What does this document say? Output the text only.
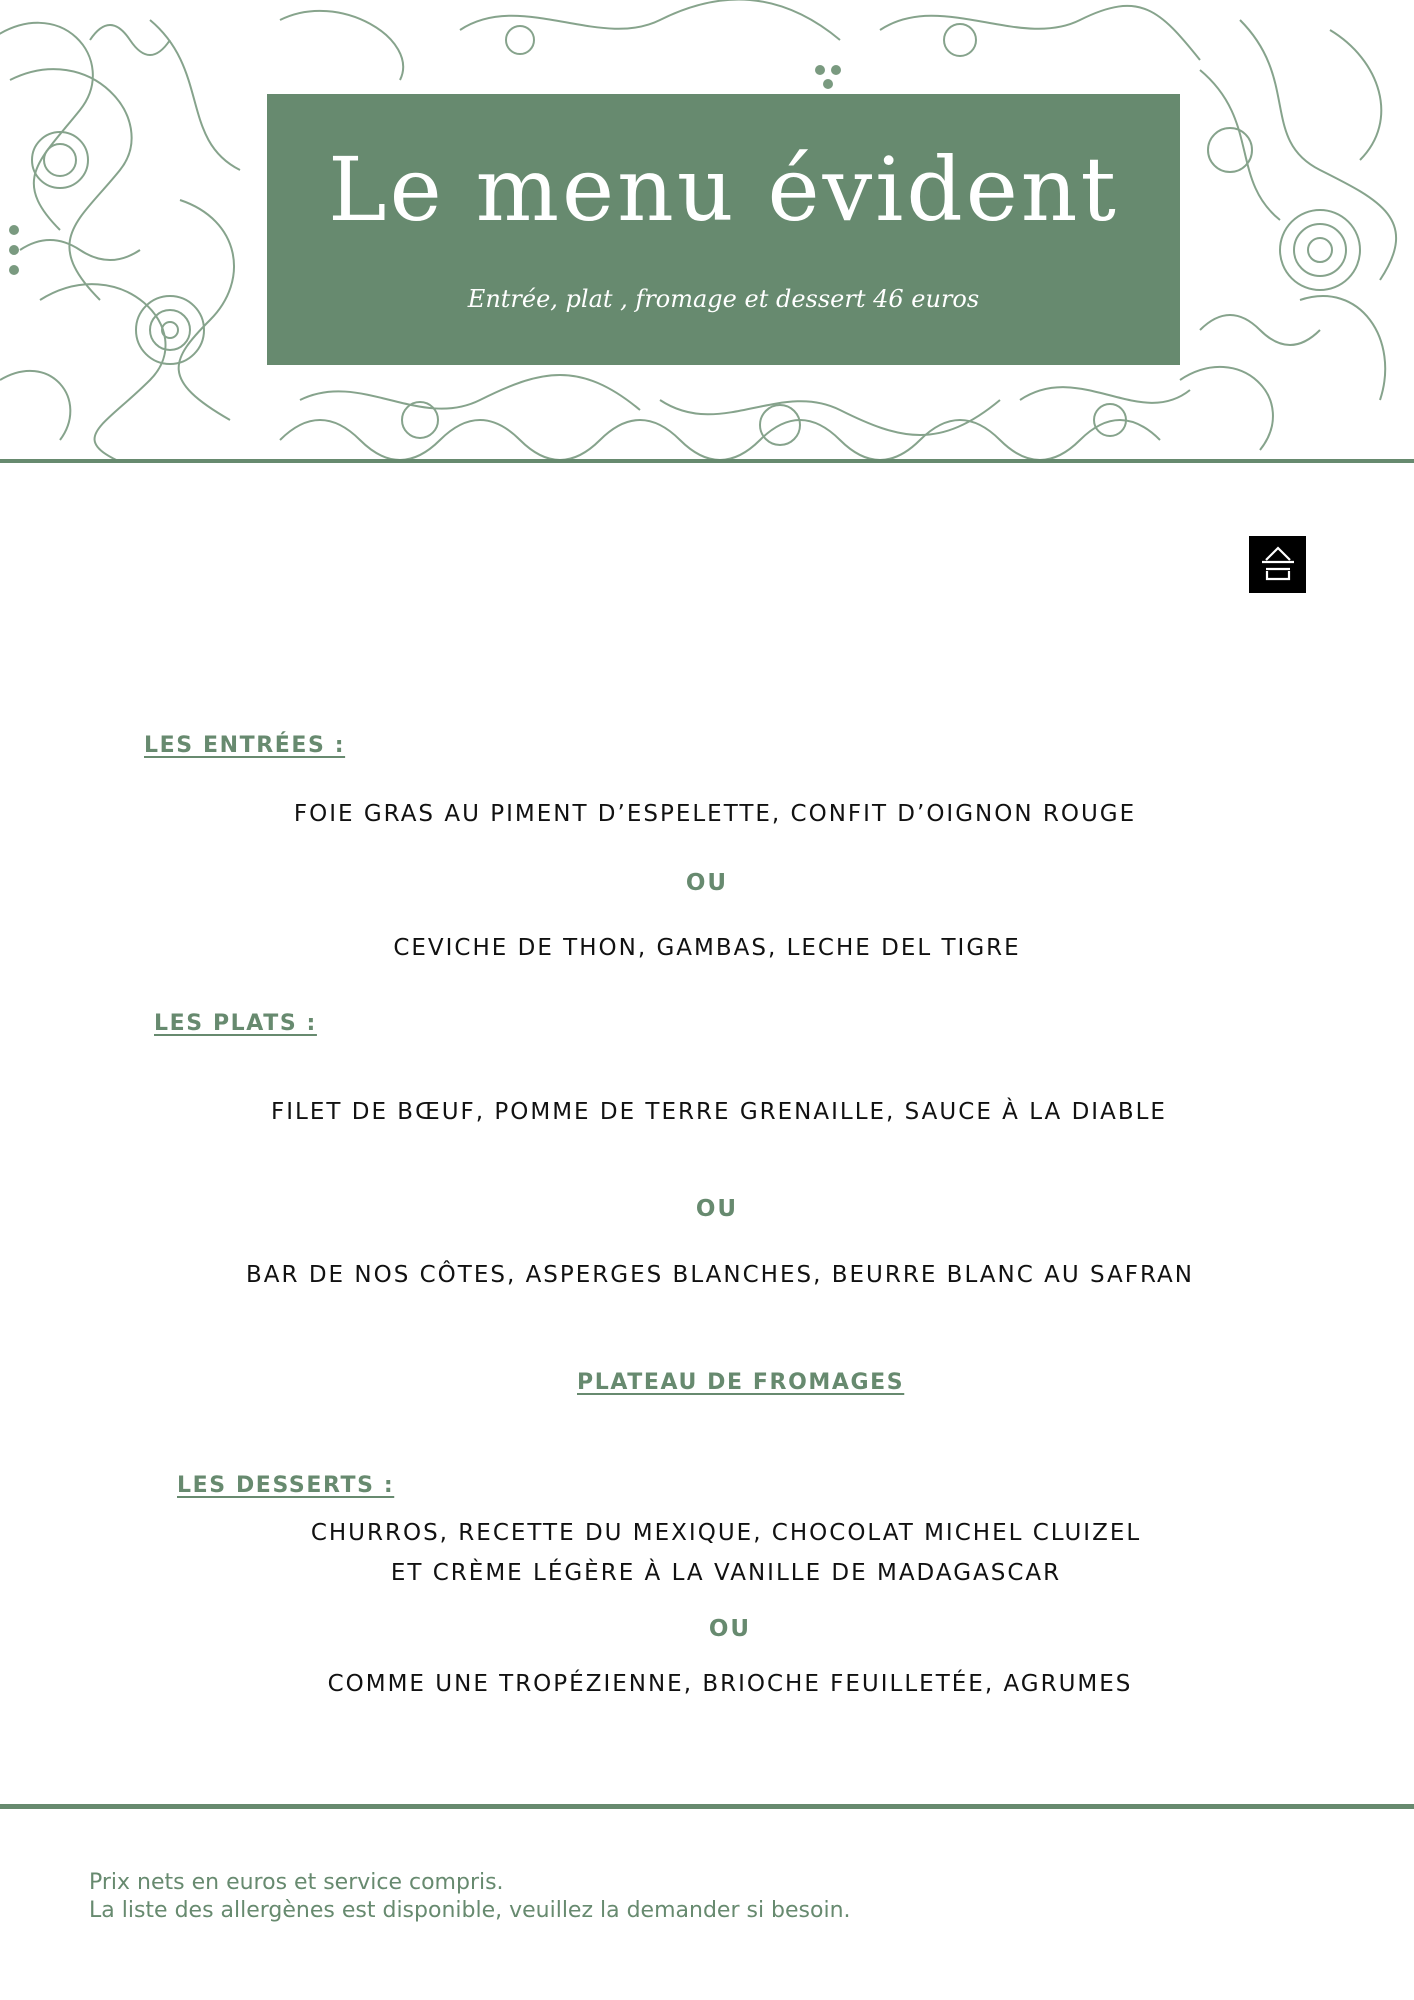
Le menu évident
Entrée, plat , fromage et dessert 46 euros
LES ENTRÉES :
FOIE GRAS AU PIMENT D’ESPELETTE, CONFIT D’OIGNON ROUGE
OU
CEVICHE DE THON, GAMBAS, LECHE DEL TIGRE
LES PLATS :
FILET DE BŒUF, POMME DE TERRE GRENAILLE, SAUCE À LA DIABLE
OU
BAR DE NOS CÔTES, ASPERGES BLANCHES, BEURRE BLANC AU SAFRAN
PLATEAU DE FROMAGES
LES DESSERTS :
CHURROS, RECETTE DU MEXIQUE, CHOCOLAT MICHEL CLUIZEL
ET CRÈME LÉGÈRE À LA VANILLE DE MADAGASCAR
OU
COMME UNE TROPÉZIENNE, BRIOCHE FEUILLETÉE, AGRUMES
Prix nets en euros et service compris.
La liste des allergènes est disponible, veuillez la demander si besoin.
